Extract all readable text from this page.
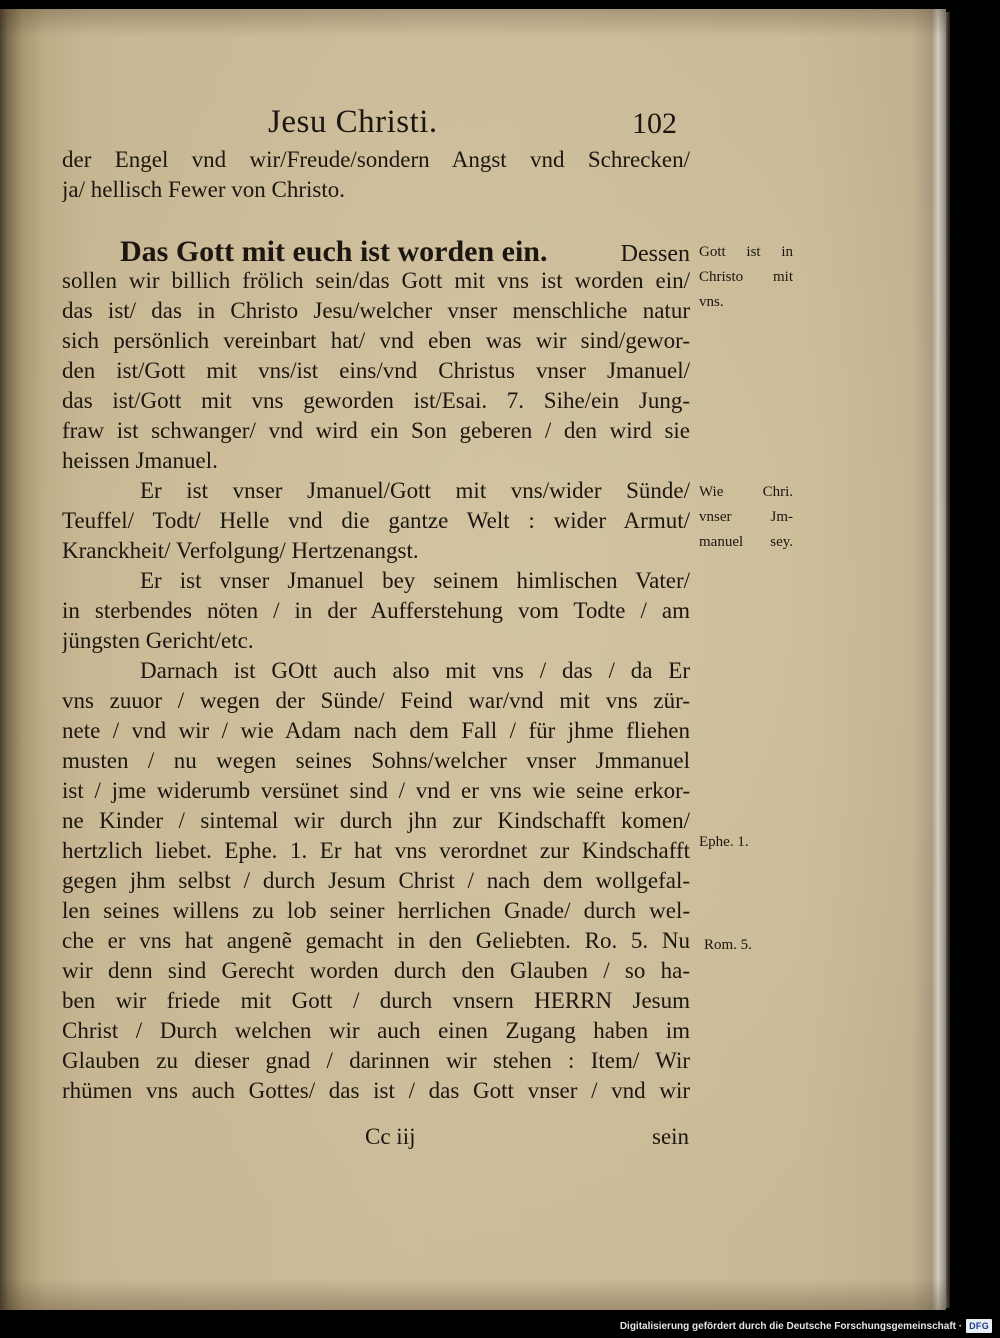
Jesu Christi.	102
der Engel vnd wir/Freude/sondern Angst vnd Schrecken/
ja/ hellisch Fewer von Christo.
Das Gott mit euch ist worden ein.	Dessen
sollen wir billich frölich sein/das Gott mit vns ist worden ein/
das ist/ das in Christo Jesu/welcher vnser menschliche natur
sich persönlich vereinbart hat/ vnd eben was wir sind/gewor-
den ist/Gott mit vns/ist eins/vnd Christus vnser Jmanuel/
das ist/Gott mit vns geworden ist/Esai. 7. Sihe/ein Jung-
fraw ist schwanger/ vnd wird ein Son geberen / den wird sie
heissen Jmanuel.
Er ist vnser Jmanuel/Gott mit vns/wider Sünde/
Teuffel/ Todt/ Helle vnd die gantze Welt : wider Armut/
Kranckheit/ Verfolgung/ Hertzenangst.
Er ist vnser Jmanuel bey seinem himlischen Vater/
in sterbendes nöten / in der Aufferstehung vom Todte / am
jüngsten Gericht/etc.
Darnach ist GOtt auch also mit vns / das / da Er
vns zuuor / wegen der Sünde/ Feind war/vnd mit vns zür-
nete / vnd wir / wie Adam nach dem Fall / für jhme fliehen
musten / nu wegen seines Sohns/welcher vnser Jmmanuel
ist / jme widerumb versünet sind / vnd er vns wie seine erkor-
ne Kinder / sintemal wir durch jhn zur Kindschafft komen/
hertzlich liebet. Ephe. 1. Er hat vns verordnet zur Kindschafft
gegen jhm selbst / durch Jesum Christ / nach dem wollgefal-
len seines willens zu lob seiner herrlichen Gnade/ durch wel-
che er vns hat angenẽ gemacht in den Geliebten. Ro. 5. Nu
wir denn sind Gerecht worden durch den Glauben / so ha-
ben wir friede mit Gott / durch vnsern HERRN Jesum
Christ / Durch welchen wir auch einen Zugang haben im
Glauben zu dieser gnad / darinnen wir stehen : Item/ Wir
rhümen vns auch Gottes/ das ist / das Gott vnser / vnd wir
Gott ist in
Christo mit
vns.
Wie Chri.
vnser Jm-
manuel sey.
Ephe. 1.
Rom. 5.
Cc iij	sein
Digitalisierung gefördert durch die Deutsche Forschungsgemeinschaft · DFG
